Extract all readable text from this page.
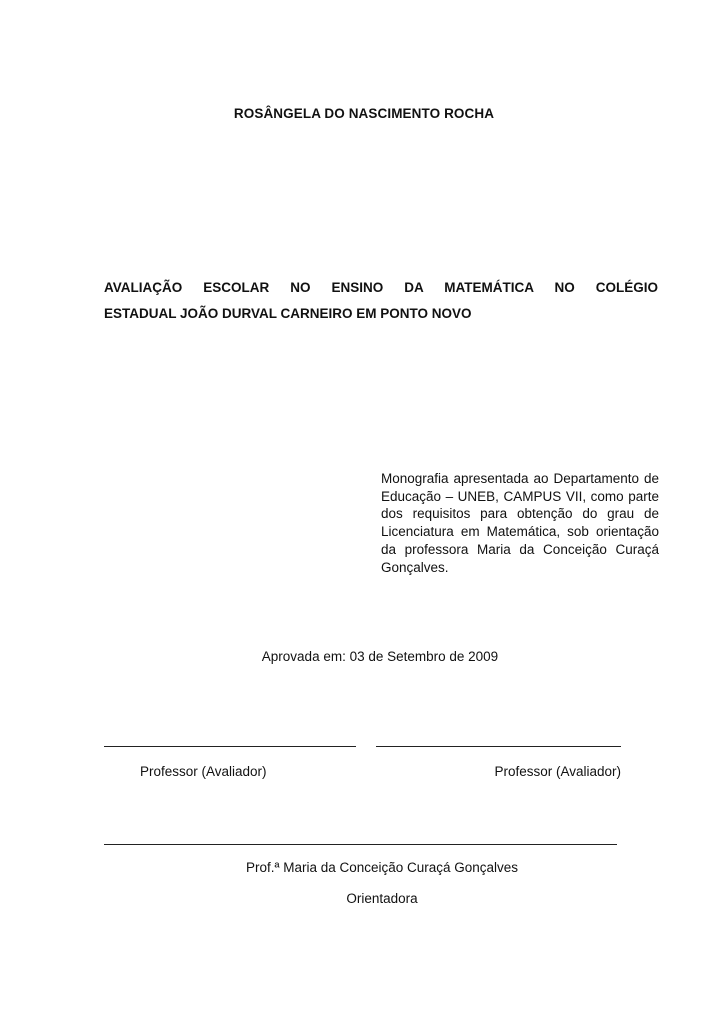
ROSÂNGELA DO NASCIMENTO ROCHA
AVALIAÇÃO ESCOLAR NO ENSINO DA MATEMÁTICA NO COLÉGIO
ESTADUAL JOÃO DURVAL CARNEIRO EM PONTO NOVO
Monografia apresentada ao Departamento de Educação – UNEB, CAMPUS VII, como parte dos requisitos para obtenção do grau de Licenciatura em Matemática, sob orientação da professora Maria da Conceição Curaçá Gonçalves.
Aprovada em: 03 de Setembro de 2009
Professor (Avaliador)	Professor (Avaliador)
Prof.ª Maria da Conceição Curaçá Gonçalves
Orientadora
